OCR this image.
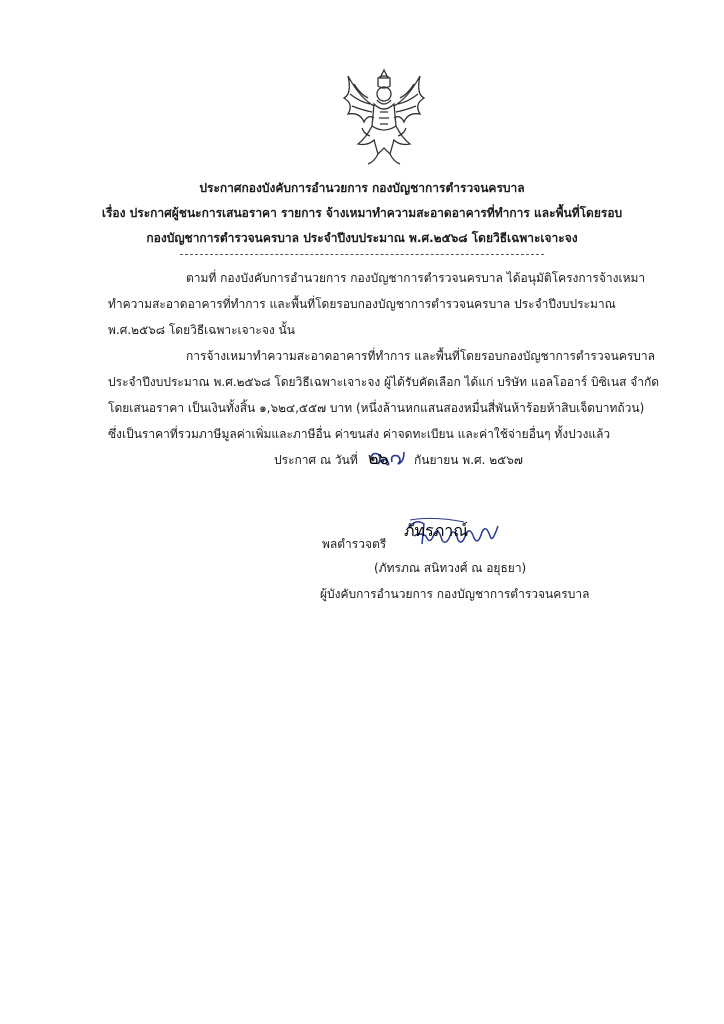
ประกาศกองบังคับการอำนวยการ กองบัญชาการตำรวจนครบาล
เรื่อง ประกาศผู้ชนะการเสนอราคา รายการ จ้างเหมาทำความสะอาดอาคารที่ทำการ และพื้นที่โดยรอบ
กองบัญชาการตำรวจนครบาล ประจำปีงบประมาณ พ.ศ.๒๕๖๘ โดยวิธีเฉพาะเจาะจง
ตามที่ กองบังคับการอำนวยการ กองบัญชาการตำรวจนครบาล ได้อนุมัติโครงการจ้างเหมา
ทำความสะอาดอาคารที่ทำการ และพื้นที่โดยรอบกองบัญชาการตำรวจนครบาล ประจำปีงบประมาณ
พ.ศ.๒๕๖๘ โดยวิธีเฉพาะเจาะจง นั้น
การจ้างเหมาทำความสะอาดอาคารที่ทำการ และพื้นที่โดยรอบกองบัญชาการตำรวจนครบาล
ประจำปีงบประมาณ พ.ศ.๒๕๖๘ โดยวิธีเฉพาะเจาะจง ผู้ได้รับคัดเลือก ได้แก่ บริษัท แอลโออาร์ บิซิเนส จำกัด
โดยเสนอราคา เป็นเงินทั้งสิ้น ๑,๖๒๔,๕๕๗ บาท (หนึ่งล้านหกแสนสองหมื่นสี่พันห้าร้อยห้าสิบเจ็ดบาทถ้วน)
ซึ่งเป็นราคาที่รวมภาษีมูลค่าเพิ่มและภาษีอื่น ค่าขนส่ง ค่าจดทะเบียน และค่าใช้จ่ายอื่นๆ ทั้งปวงแล้ว
ประกาศ ณ วันที่ ๒๖ กันยายน พ.ศ. ๒๕๖๗
พลตำรวจตรี
ภัทรภาณ์
(ภัทรภณ สนิทวงศ์ ณ อยุธยา)
ผู้บังคับการอำนวยการ กองบัญชาการตำรวจนครบาล
